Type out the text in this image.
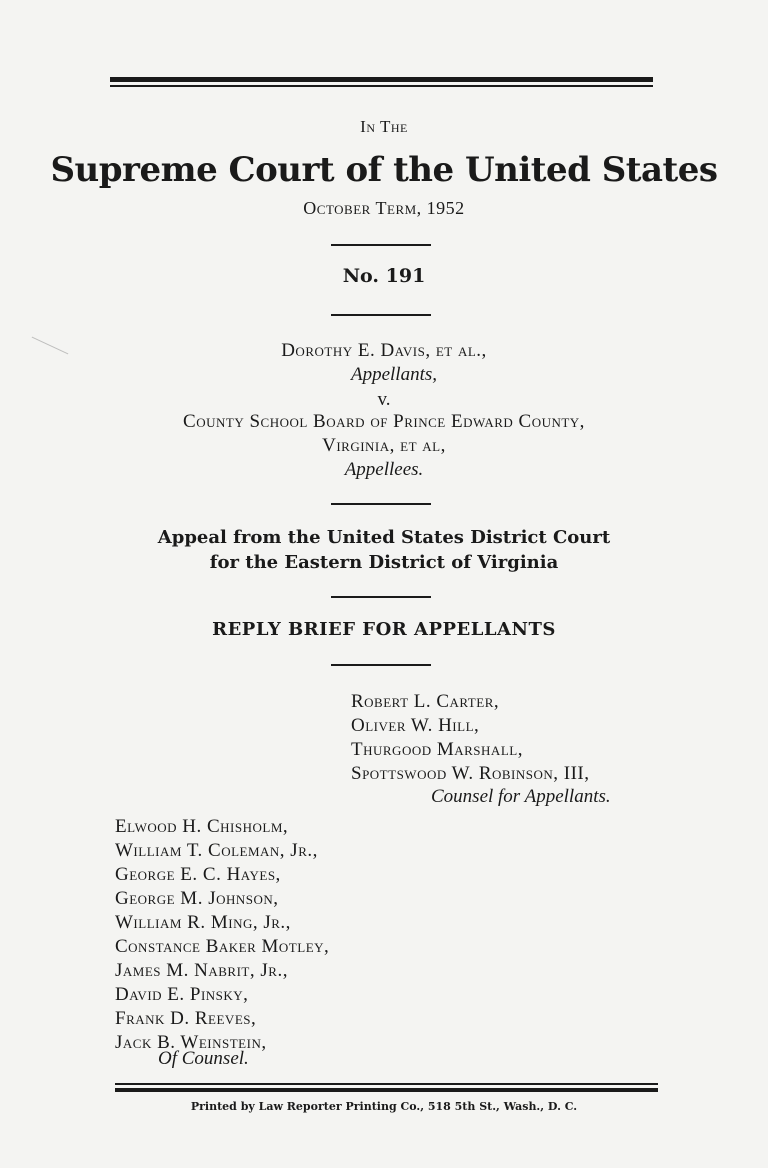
In The
Supreme Court of the United States
October Term, 1952
No. 191
Dorothy E. Davis, et al.,
Appellants,
v.
County School Board of Prince Edward County,
Virginia, et al,
Appellees.
Appeal from the United States District Court
for the Eastern District of Virginia
REPLY BRIEF FOR APPELLANTS
Robert L. Carter,
Oliver W. Hill,
Thurgood Marshall,
Spottswood W. Robinson, III,
Counsel for Appellants.
Elwood H. Chisholm,
William T. Coleman, Jr.,
George E. C. Hayes,
George M. Johnson,
William R. Ming, Jr.,
Constance Baker Motley,
James M. Nabrit, Jr.,
David E. Pinsky,
Frank D. Reeves,
Jack B. Weinstein,
Of Counsel.
Printed by Law Reporter Printing Co., 518 5th St., Wash., D. C.
